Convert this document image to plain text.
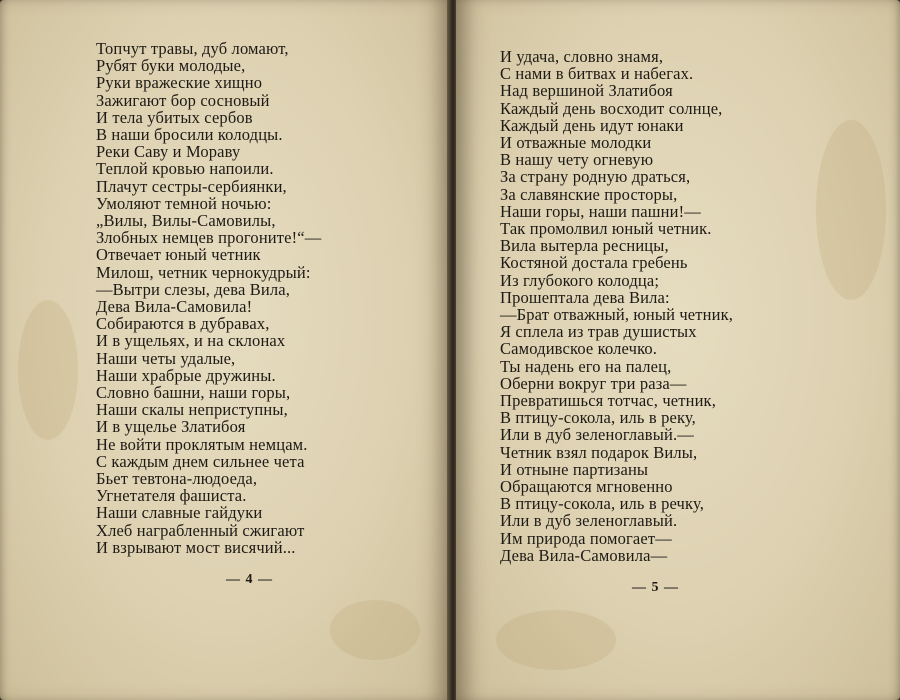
Топчут травы, дуб ломают,
Рубят буки молодые,
Руки вражеские хищно
Зажигают бор сосновый
И тела убитых сербов
В наши бросили колодцы.
Реки Саву и Мораву
Теплой кровью напоили.
Плачут сестры-сербиянки,
Умоляют темной ночью:
„Вилы, Вилы-Самовилы,
Злобных немцев прогоните!“—
Отвечает юный четник
Милош, четник чернокудрый:
—Вытри слезы, дева Вила,
Дева Вила-Самовила!
Собираются в дубравах,
И в ущельях, и на склонах
Наши четы удалые,
Наши храбрые дружины.
Словно башни, наши горы,
Наши скалы неприступны,
И в ущелье Златибоя
Не войти проклятым немцам.
С каждым днем сильнее чета
Бьет тевтона-людоеда,
Угнетателя фашиста.
Наши славные гайдуки
Хлеб награбленный сжигают
И взрывают мост висячий...
— 4 —
И удача, словно знамя,
С нами в битвах и набегах.
Над вершиной Златибоя
Каждый день восходит солнце,
Каждый день идут юнаки
И отважные молодки
В нашу чету огневую
За страну родную драться,
За славянские просторы,
Наши горы, наши пашни!—
Так промолвил юный четник.
Вила вытерла ресницы,
Костяной достала гребень
Из глубокого колодца;
Прошептала дева Вила:
—Брат отважный, юный четник,
Я сплела из трав душистых
Самодивское колечко.
Ты надень его на палец,
Оберни вокруг три раза—
Превратишься тотчас, четник,
В птицу-сокола, иль в реку,
Или в дуб зеленоглавый.—
Четник взял подарок Вилы,
И отныне партизаны
Обращаются мгновенно
В птицу-сокола, иль в речку,
Или в дуб зеленоглавый.
Им природа помогает—
Дева Вила-Самовила—
— 5 —
